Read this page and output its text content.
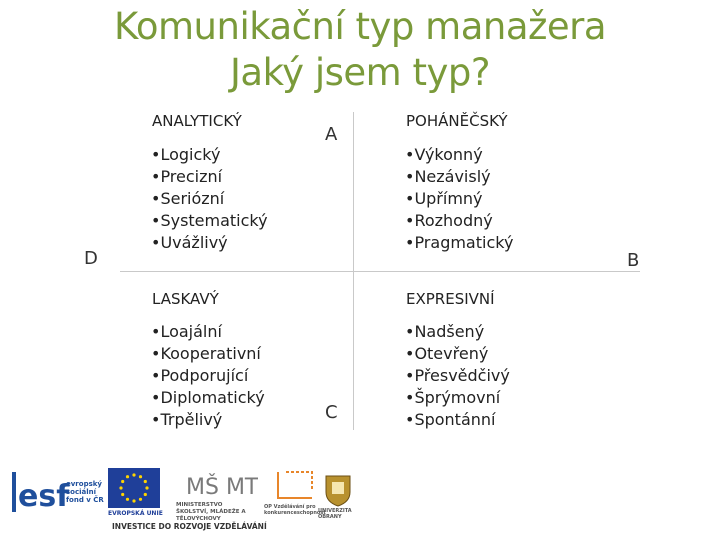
Komunikační typ manažera
Jaký jsem typ?
A
B
C
D
ANALYTICKÝ
•Logický
•Precizní
•Seriózní
•Systematický
•Uvážlivý
POHÁNĚČSKÝ
•Výkonný
•Nezávislý
•Upřímný
•Rozhodný
•Pragmatický
LASKAVÝ
•Loajální
•Kooperativní
•Podporující
•Diplomatický
•Trpělivý
EXPRESIVNÍ
•Nadšený
•Otevřený
•Přesvědčivý
•Šprýmovní
•Spontánní
esf
evropský sociální fond v ČR
EVROPSKÁ UNIE
MŠ MT
MINISTERSTVO ŠKOLSTVÍ, MLÁDEŽE A TĚLOVÝCHOVY
OP Vzdělávání pro konkurenceschopnost
UNIVERZITA OBRANY
INVESTICE DO ROZVOJE VZDĚLÁVÁNÍ
